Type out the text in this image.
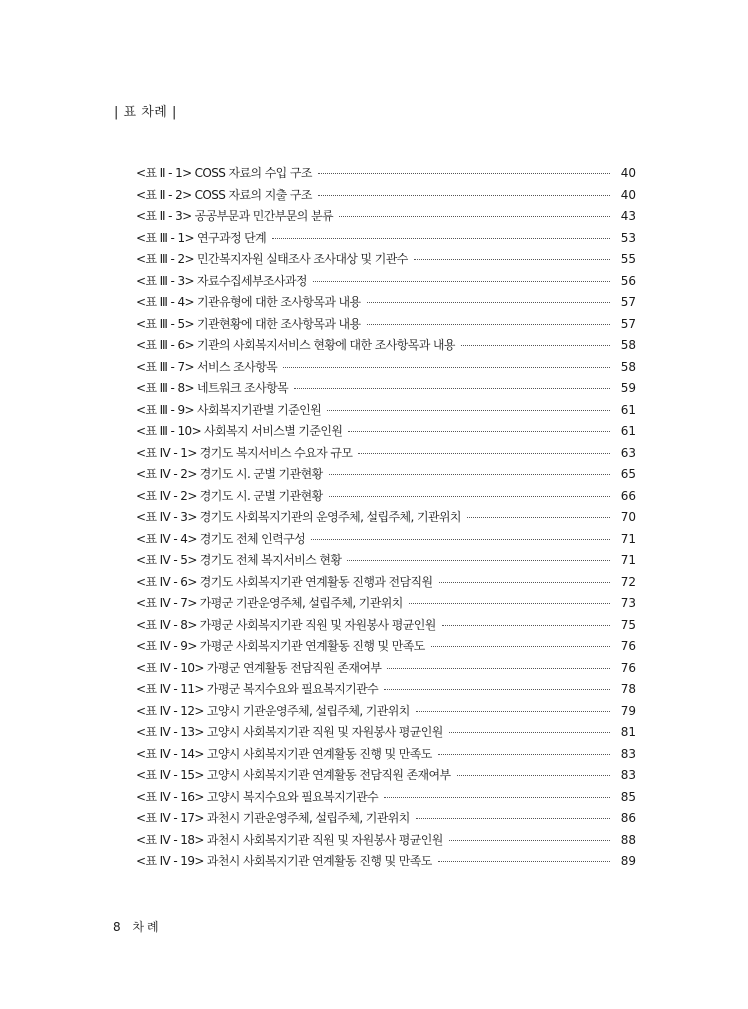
| 표 차례 |
<표 Ⅱ - 1> COSS 자료의 수입 구조	40
<표 Ⅱ - 2> COSS 자료의 지출 구조	40
<표 Ⅱ - 3> 공공부문과 민간부문의 분류	43
<표 Ⅲ - 1> 연구과정 단계	53
<표 Ⅲ - 2> 민간복지자원 실태조사 조사대상 및 기관수	55
<표 Ⅲ - 3> 자료수집세부조사과정	56
<표 Ⅲ - 4> 기관유형에 대한 조사항목과 내용	57
<표 Ⅲ - 5> 기관현황에 대한 조사항목과 내용	57
<표 Ⅲ - 6> 기관의 사회복지서비스 현황에 대한 조사항목과 내용	58
<표 Ⅲ - 7> 서비스 조사항목	58
<표 Ⅲ - 8> 네트워크 조사항목	59
<표 Ⅲ - 9> 사회복지기관별 기준인원	61
<표 Ⅲ - 10> 사회복지 서비스별 기준인원	61
<표 Ⅳ - 1> 경기도 복지서비스 수요자 규모	63
<표 Ⅳ - 2> 경기도 시. 군별 기관현황	65
<표 Ⅳ - 2> 경기도 시. 군별 기관현황	66
<표 Ⅳ - 3> 경기도 사회복지기관의 운영주체, 설립주체, 기관위치	70
<표 Ⅳ - 4> 경기도 전체 인력구성	71
<표 Ⅳ - 5> 경기도 전체 복지서비스 현황	71
<표 Ⅳ - 6> 경기도 사회복지기관 연계활동 진행과 전담직원	72
<표 Ⅳ - 7> 가평군 기관운영주체, 설립주체, 기관위치	73
<표 Ⅳ - 8> 가평군 사회복지기관 직원 및 자원봉사 평균인원	75
<표 Ⅳ - 9> 가평군 사회복지기관 연계활동 진행 및 만족도	76
<표 Ⅳ - 10> 가평군 연계활동 전담직원 존재여부	76
<표 Ⅳ - 11> 가평군 복지수요와 필요복지기관수	78
<표 Ⅳ - 12> 고양시 기관운영주체, 설립주체, 기관위치	79
<표 Ⅳ - 13> 고양시 사회복지기관 직원 및 자원봉사 평균인원	81
<표 Ⅳ - 14> 고양시 사회복지기관 연계활동 진행 및 만족도	83
<표 Ⅳ - 15> 고양시 사회복지기관 연계활동 전담직원 존재여부	83
<표 Ⅳ - 16> 고양시 복지수요와 필요복지기관수	85
<표 Ⅳ - 17> 과천시 기관운영주체, 설립주체, 기관위치	86
<표 Ⅳ - 18> 과천시 사회복지기관 직원 및 자원봉사 평균인원	88
<표 Ⅳ - 19> 과천시 사회복지기관 연계활동 진행 및 만족도	89
8 차례
